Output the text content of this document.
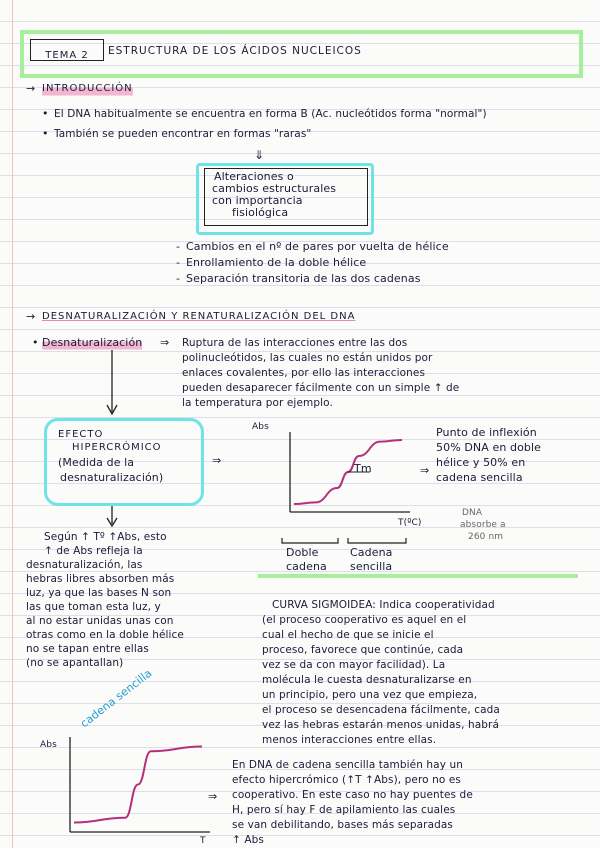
TEMA 2	ESTRUCTURA DE LOS ÁCIDOS NUCLEICOS
→ INTRODUCCIÓN
• El DNA habitualmente se encuentra en forma B (Ac. nucleótidos forma "normal")
• También se pueden encontrar en formas "raras"
⇓
Alteraciones o
cambios estructurales
con importancia
fisiológica
- Cambios en el nº de pares por vuelta de hélice
- Enrollamiento de la doble hélice
- Separación transitoria de las dos cadenas
→ DESNATURALIZACIÓN Y RENATURALIZACIÓN DEL DNA
• Desnaturalización ⇒ Ruptura de las interacciones entre las dos
polinucleótidos, las cuales no están unidos por
enlaces covalentes, por ello las interacciones
pueden desaparecer fácilmente con un simple ↑ de
la temperatura por ejemplo.
EFECTO
HIPERCRÓMICO
(Medida de la
desnaturalización)
⇒
Abs
T(ºC)
Tm
Punto de inflexión
50% DNA en doble
hélice y 50% en
cadena sencilla
⇒
DNA
absorbe a
260 nm
Doble
cadena
Cadena
sencilla
Según ↑ Tº ↑Abs, esto
↑ de Abs refleja la
desnaturalización, las
hebras libres absorben más
luz, ya que las bases N son
las que toman esta luz, y
al no estar unidas unas con
otras como en la doble hélice
no se tapan entre ellas
(no se apantallan)
CURVA SIGMOIDEA: Indica cooperatividad
(el proceso cooperativo es aquel en el
cual el hecho de que se inicie el
proceso, favorece que continúe, cada
vez se da con mayor facilidad). La
molécula le cuesta desnaturalizarse en
un principio, pero una vez que empieza,
el proceso se desencadena fácilmente, cada
vez las hebras estarán menos unidas, habrá
menos interacciones entre ellas.
Abs
cadena sencilla
T
⇒
En DNA de cadena sencilla también hay un
efecto hipercrómico (↑T ↑Abs), pero no es
cooperativo. En este caso no hay puentes de
H, pero sí hay F de apilamiento las cuales
se van debilitando, bases más separadas
↑ Abs
